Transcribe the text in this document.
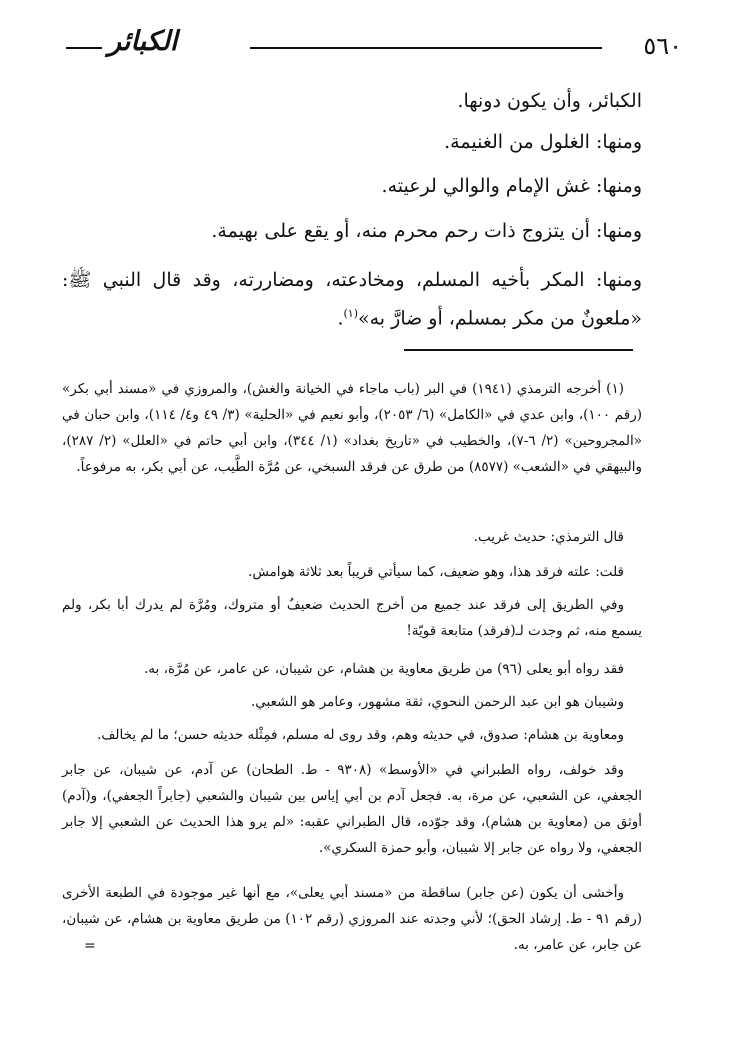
٥٦٠
الكبائر

الكبائر، وأن يكون دونها.

ومنها: الغلول من الغنيمة.

ومنها: غش الإمام والوالي لرعيته.

ومنها: أن يتزوج ذات رحم محرم منه، أو يقع على بهيمة.

ومنها: المكر بأخيه المسلم، ومخادعته، ومضاررته، وقد قال النبي ﷺ: «ملعونٌ من مكر بمسلم، أو ضارَّ به»$^{(١)}$.

(١) أخرجه الترمذي (١٩٤١) في البر (باب ماجاء في الخيانة والغش)، والمروزي في «مسند أبي بكر» (رقم ١٠٠)، وابن عدي في «الكامل» (٦/ ٢٠٥٣)، وأبو نعيم في «الحلية» (٣/ ٤٩ و٤/ ١١٤)، وابن حبان في «المجروحين» (٢/ ٦-٧)، والخطيب في «تاريخ بغداد» (١/ ٣٤٤)، وابن أبي حاتم في «العلل» (٢/ ٢٨٧)، والبيهقي في «الشعب» (٨٥٧٧) من طرق عن فرقد السبخي، عن مُرَّة الطَّيب، عن أبي بكر، به مرفوعاً.

قال الترمذي: حديث غريب.

قلت: علته فرقد هذا، وهو ضعيف، كما سيأتي قريباً بعد ثلاثة هوامش.

وفي الطريق إلى فرقد عند جميع من أخرج الحديث ضعيفٌ أو متروك، ومُرَّة لم يدرك أبا بكر، ولم يسمع منه، ثم وجدت لـ(فرقد) متابعة قويّة!

فقد رواه أبو يعلى (٩٦) من طريق معاوية بن هشام، عن شيبان، عن عامر، عن مُرَّة، به.

وشيبان هو ابن عبد الرحمن النحوي، ثقة مشهور، وعامر هو الشعبي.

ومعاوية بن هشام: صدوق، في حديثه وهم، وقد روى له مسلم، فمِثْله حديثه حسن؛ ما لم يخالف.

وقد خولف، رواه الطبراني في «الأوسط» (٩٣٠٨ - ط. الطحان) عن آدم، عن شيبان، عن جابر الجعفي، عن الشعبي، عن مرة، به. فجعل آدم بن أبي إياس بين شيبان والشعبي (جابراً الجعفي)، و(آدم) أوثق من (معاوية بن هشام)، وقد جوّده، قال الطبراني عقبه: «لم يرو هذا الحديث عن الشعبي إلا جابر الجعفي، ولا رواه عن جابر إلا شيبان، وأبو حمزة السكري».

وأخشى أن يكون (عن جابر) ساقطة من «مسند أبي يعلى»، مع أنها غير موجودة في الطبعة الأخرى (رقم ٩١ - ط. إرشاد الحق)؛ لأني وجدته عند المروزي (رقم ١٠٢) من طريق معاوية بن هشام، عن شيبان، عن جابر، عن عامر، به.

=
